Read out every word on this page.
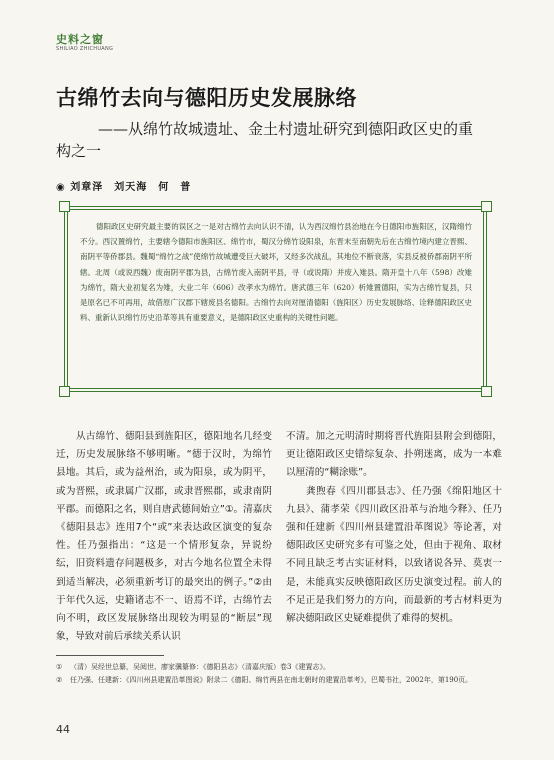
史料之窗
SHILIAO ZHICHUANG
古绵竹去向与德阳历史发展脉络
——从绵竹故城遗址、金土村遗址研究到德阳政区史的重
构之一
◉ 刘章泽　刘天海　何　普
德阳政区史研究最主要的误区之一是对古绵竹去向认识不清，认为西汉绵竹县治地在今日德阳市旌阳区，汉隋绵竹不分。西汉置绵竹，主要辖今德阳市旌阳区、绵竹市，蜀汉分绵竹设阳泉，东晋末至南朝先后在古绵竹境内建立晋熙、南阴平等侨郡县。魏蜀“绵竹之战”使绵竹故城遭受巨大破坏，又经多次战乱，其地位不断衰落，实县反被侨郡南阴平所辖。北周（或说西魏）废南阴平郡为县，古绵竹废入南阴平县，寻（或说隋）并废入雉县。隋开皇十八年（598）改雉为绵竹，隋大业初复名为雉，大业二年（606）改孝水为绵竹。唐武德三年（620）析雉置德阳，实为古绵竹复县，只是原名已不可再用，故借原广汉郡下辖废县名德阳。古绵竹去向对厘清德阳（旌阳区）历史发展脉络、诠释德阳政区史料、重新认识绵竹历史沿革等具有重要意义，是德阳政区史重构的关键性问题。

从古绵竹、德阳县到旌阳区，德阳地名几经变迁，历史发展脉络不够明晰。“德于汉时，为绵竹县地。其后，或为益州治，或为阳泉，或为阴平，或为晋熙，或隶属广汉郡，或隶晋熙郡，或隶南阴平郡。而德阳之名，则自唐武德间始立”①。清嘉庆《德阳县志》连用7个“或”来表达政区演变的复杂性。任乃强指出：“这是一个情形复杂，异说纷纭，旧资料遗存问题极多，对古今地名位置全未得到适当解决，必须重新考订的最突出的例子。”②由于年代久远，史籍诸志不一、语焉不详，古绵竹去向不明，政区发展脉络出现较为明显的“断层”现象，导致对前后承续关系认识

不清。加之元明清时期将晋代旌阳县附会到德阳，更让德阳政区史错综复杂、扑朔迷离，成为一本难以厘清的“糊涂账”。

龚煦春《四川郡县志》、任乃强《绵阳地区十九县》、蒲孝荣《四川政区沿革与治地今释》、任乃强和任建新《四川州县建置沿革图说》等论著，对德阳政区史研究多有可鉴之处，但由于视角、取材不同且缺乏考古实证材料，以致诸说各异、莫衷一是，未能真实反映德阳政区历史演变过程。前人的不足正是我们努力的方向，而最新的考古材料更为解决德阳政区史疑难提供了难得的契机。

①	（清）吴经世总纂，吴阅世、廖家骥纂修：《德阳县志》（清嘉庆版）卷3《建置志》。
②	任乃强、任建新：《四川州县建置沿革图说》附录二《德阳、绵竹两县在南北朝时的建置沿革考》，巴蜀书社，2002年，第190页。
44
